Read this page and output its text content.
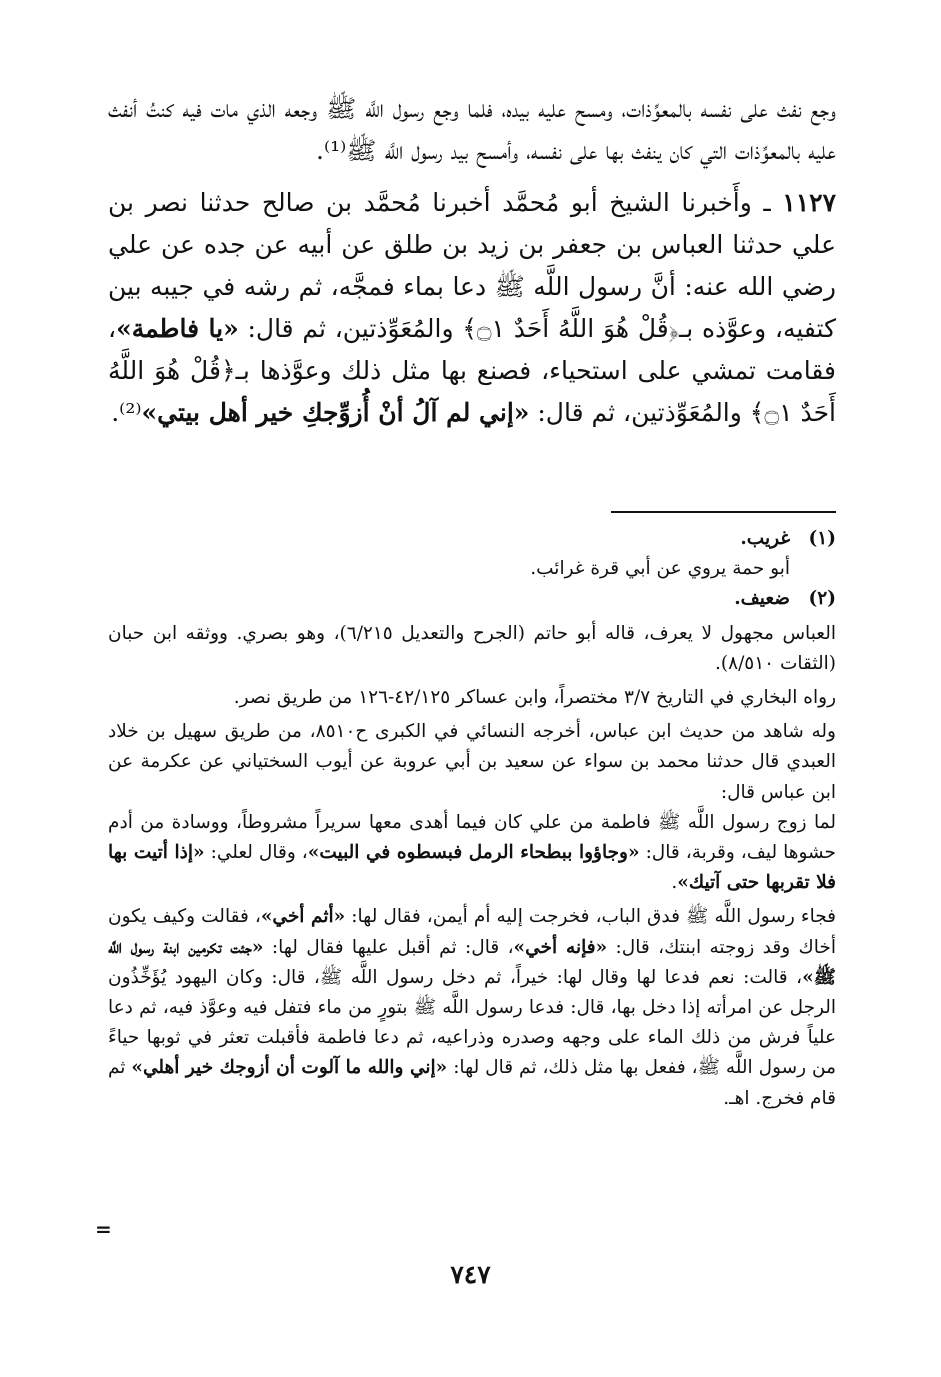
وجع نفث على نفسه بالمعوِّذات، ومسح عليه بيده، فلما وجع رسول اللَّه ﷺ وجعه الذي مات فيه كنتُ أنفث عليه بالمعوِّذات التي كان ينفث بها على نفسه، وأمسح بيد رسول اللَّه ﷺ⁽¹⁾.

١١٢٧ ـ وأَخبرنا الشيخ أبو مُحمَّد أخبرنا مُحمَّد بن صالح حدثنا نصر بن علي حدثنا العباس بن جعفر بن زيد بن طلق عن أبيه عن جده عن علي رضي الله عنه: أنَّ رسول اللَّه ﷺ دعا بماء فمجَّه، ثم رشه في جيبه بين كتفيه، وعوَّذه بـ﴿قُلْ هُوَ اللَّهُ أَحَدٌ ۝١﴾ والمُعَوِّذتين، ثم قال: «يا فاطمة»، فقامت تمشي على استحياء، فصنع بها مثل ذلك وعوَّذها بـ﴿قُلْ هُوَ اللَّهُ أَحَدٌ ۝١﴾ والمُعَوِّذتين، ثم قال: «إني لم آلُ أنْ أُزوِّجكِ خير أهل بيتي»⁽²⁾.

(١)غريب.

أبو حمة يروي عن أبي قرة غرائب.

(٢)ضعيف.

العباس مجهول لا يعرف، قاله أبو حاتم (الجرح والتعديل ٦/٢١٥)، وهو بصري. ووثقه ابن حبان (الثقات ٨/٥١٠).

رواه البخاري في التاريخ ٣/٧ مختصراً، وابن عساكر ٤٢/١٢٥-١٢٦ من طريق نصر.

وله شاهد من حديث ابن عباس، أخرجه النسائي في الكبرى ح٨٥١٠، من طريق سهيل بن خلاد العبدي قال حدثنا محمد بن سواء عن سعيد بن أبي عروبة عن أيوب السختياني عن عكرمة عن ابن عباس قال:

لما زوج رسول اللَّه ﷺ فاطمة من علي كان فيما أهدى معها سريراً مشروطاً، ووسادة من أدم حشوها ليف، وقربة، قال: «وجاؤوا ببطحاء الرمل فبسطوه في البيت»، وقال لعلي: «إذا أتيت بها فلا تقربها حتى آتيك».

فجاء رسول اللَّه ﷺ فدق الباب، فخرجت إليه أم أيمن، فقال لها: «أثم أخي»، فقالت وكيف يكون أخاك وقد زوجته ابنتك، قال: «فإنه أخي»، قال: ثم أقبل عليها فقال لها: «جئت تكرمين ابنة رسول اللَّه ﷺ»، قالت: نعم فدعا لها وقال لها: خيراً، ثم دخل رسول اللَّه ﷺ، قال: وكان اليهود يُؤَخِّذُون الرجل عن امرأته إذا دخل بها، قال: فدعا رسول اللَّه ﷺ بتورٍ من ماء فتفل فيه وعوَّذ فيه، ثم دعا علياً فرش من ذلك الماء على وجهه وصدره وذراعيه، ثم دعا فاطمة فأقبلت تعثر في ثوبها حياءً من رسول اللَّه ﷺ، ففعل بها مثل ذلك، ثم قال لها: «إني والله ما آلوت أن أزوجك خير أهلي» ثم قام فخرج. اهـ.

=
٧٤٧
